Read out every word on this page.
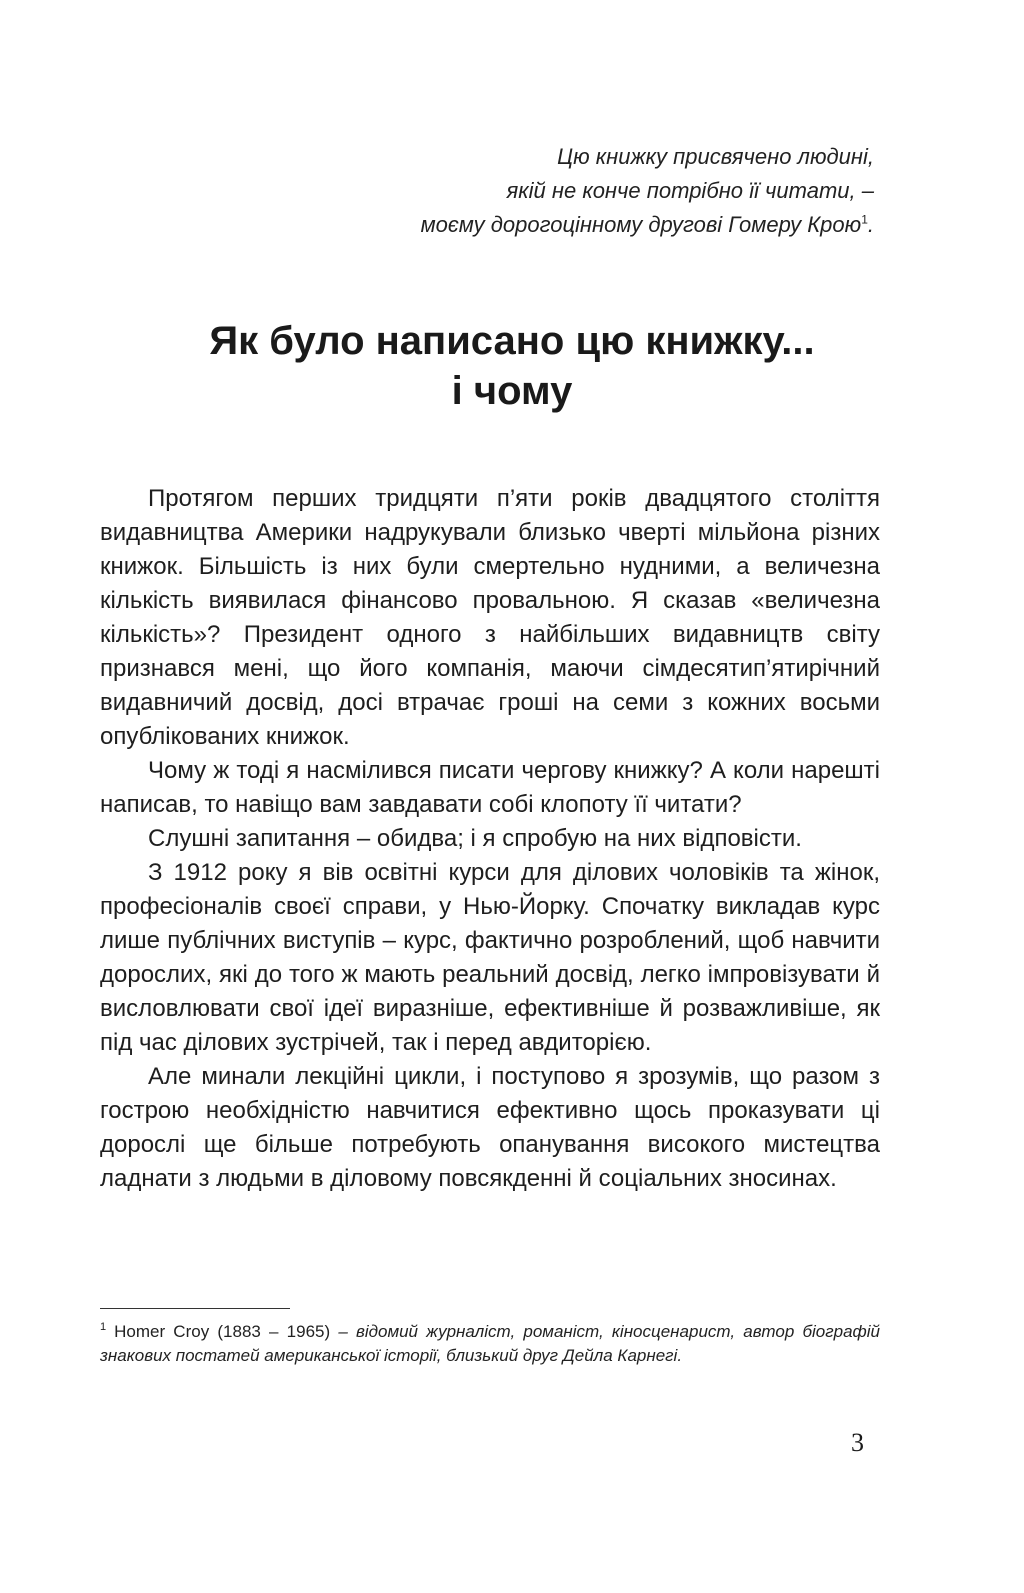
Цю книжку присвячено людині,
якій не конче потрібно її читати, –
моєму дорогоцінному другові Гомеру Крою$^1$.
Як було написано цю книжку...
і чому

Протягом перших тридцяти п’яти років двадцятого століття видавництва Америки надрукували близько чверті мільйона різних книжок. Більшість із них були смертельно нудними, а величезна кількість виявилася фінансово провальною. Я сказав «величезна кількість»? Президент одного з найбільших видавництв світу признався мені, що його компанія, маючи сімдесятип’ятирічний видавничий досвід, досі втрачає гроші на семи з кожних восьми опублікованих книжок.

Чому ж тоді я насмілився писати чергову книжку? А коли нарешті написав, то навіщо вам завдавати собі клопоту її читати?

Слушні запитання – обидва; і я спробую на них відповісти.

З 1912 року я вів освітні курси для ділових чоловіків та жінок, професіоналів своєї справи, у Нью-Йорку. Спочатку викладав курс лише публічних виступів – курс, фактично розроблений, щоб навчити дорослих, які до того ж мають реальний досвід, легко імпровізувати й висловлювати свої ідеї виразніше, ефективніше й розважливіше, як під час ділових зустрічей, так і перед авдиторією.

Але минали лекційні цикли, і поступово я зрозумів, що разом з гострою необхідністю навчитися ефективно щось проказувати ці дорослі ще більше потребують опанування високого мистецтва ладнати з людьми в діловому повсякденні й соціальних зносинах.

$^1$ Homer Croy (1883 – 1965) – відомий журналіст, романіст, кіносценарист, автор біографій знакових постатей американської історії, близький друг Дейла Карнегі.
3
